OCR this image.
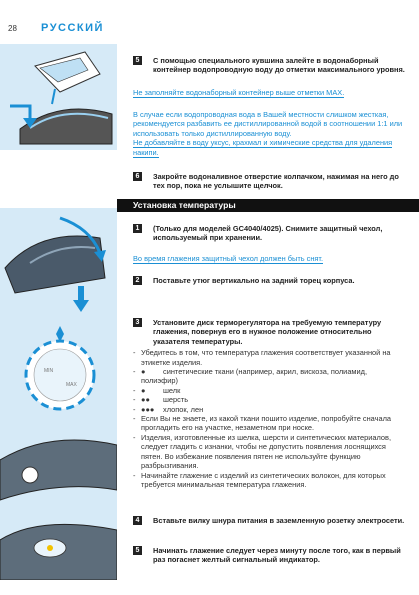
28 РУССКИЙ
MIN
MAX
5	С помощью специального кувшина залейте в водонаборный контейнер водопроводную воду до отметки максимального уровня.
Не заполняйте водонаборный контейнер выше отметки MAX.
В случае если водопроводная вода в Вашей местности слишком жесткая, рекомендуется разбавить ее дистиллированной водой в соотношении 1:1 или использовать только дистиллированную воду.
Не добавляйте в воду уксус, крахмал и химические средства для удаления накипи.
6	Закройте водоналивное отверстие колпачком, нажимая на него до тех пор, пока не услышите щелчок.
Установка температуры
1	(Только для моделей GC4040/4025). Снимите защитный чехол, используемый при хранении.
Во время глажения защитный чехол должен быть снят.
2	Поставьте утюг вертикально на задний торец корпуса.
3	Установите диск терморегулятора на требуемую температуру глажения, повернув его в нужное положение относительно указателя температуры.
- Убедитесь в том, что температура глажения соответствует указанной на этикетке изделия.
- ● синтетические ткани (например, акрил, вискоза, полиамид, полиэфир)
- ● шелк
- ●● шерсть
- ●●● хлопок, лен
- Если Вы не знаете, из какой ткани пошито изделие, попробуйте сначала прогладить его на участке, незаметном при носке.
- Изделия, изготовленные из шелка, шерсти и синтетических материалов, следует гладить с изнанки, чтобы не допустить появления лоснящихся пятен. Во избежание появления пятен не используйте функцию разбрызгивания.
- Начинайте глажение с изделий из синтетических волокон, для которых требуется минимальная температура глажения.
4	Вставьте вилку шнура питания в заземленную розетку электросети.
5	Начинать глажение следует через минуту после того, как в первый раз погаснет желтый сигнальный индикатор.
